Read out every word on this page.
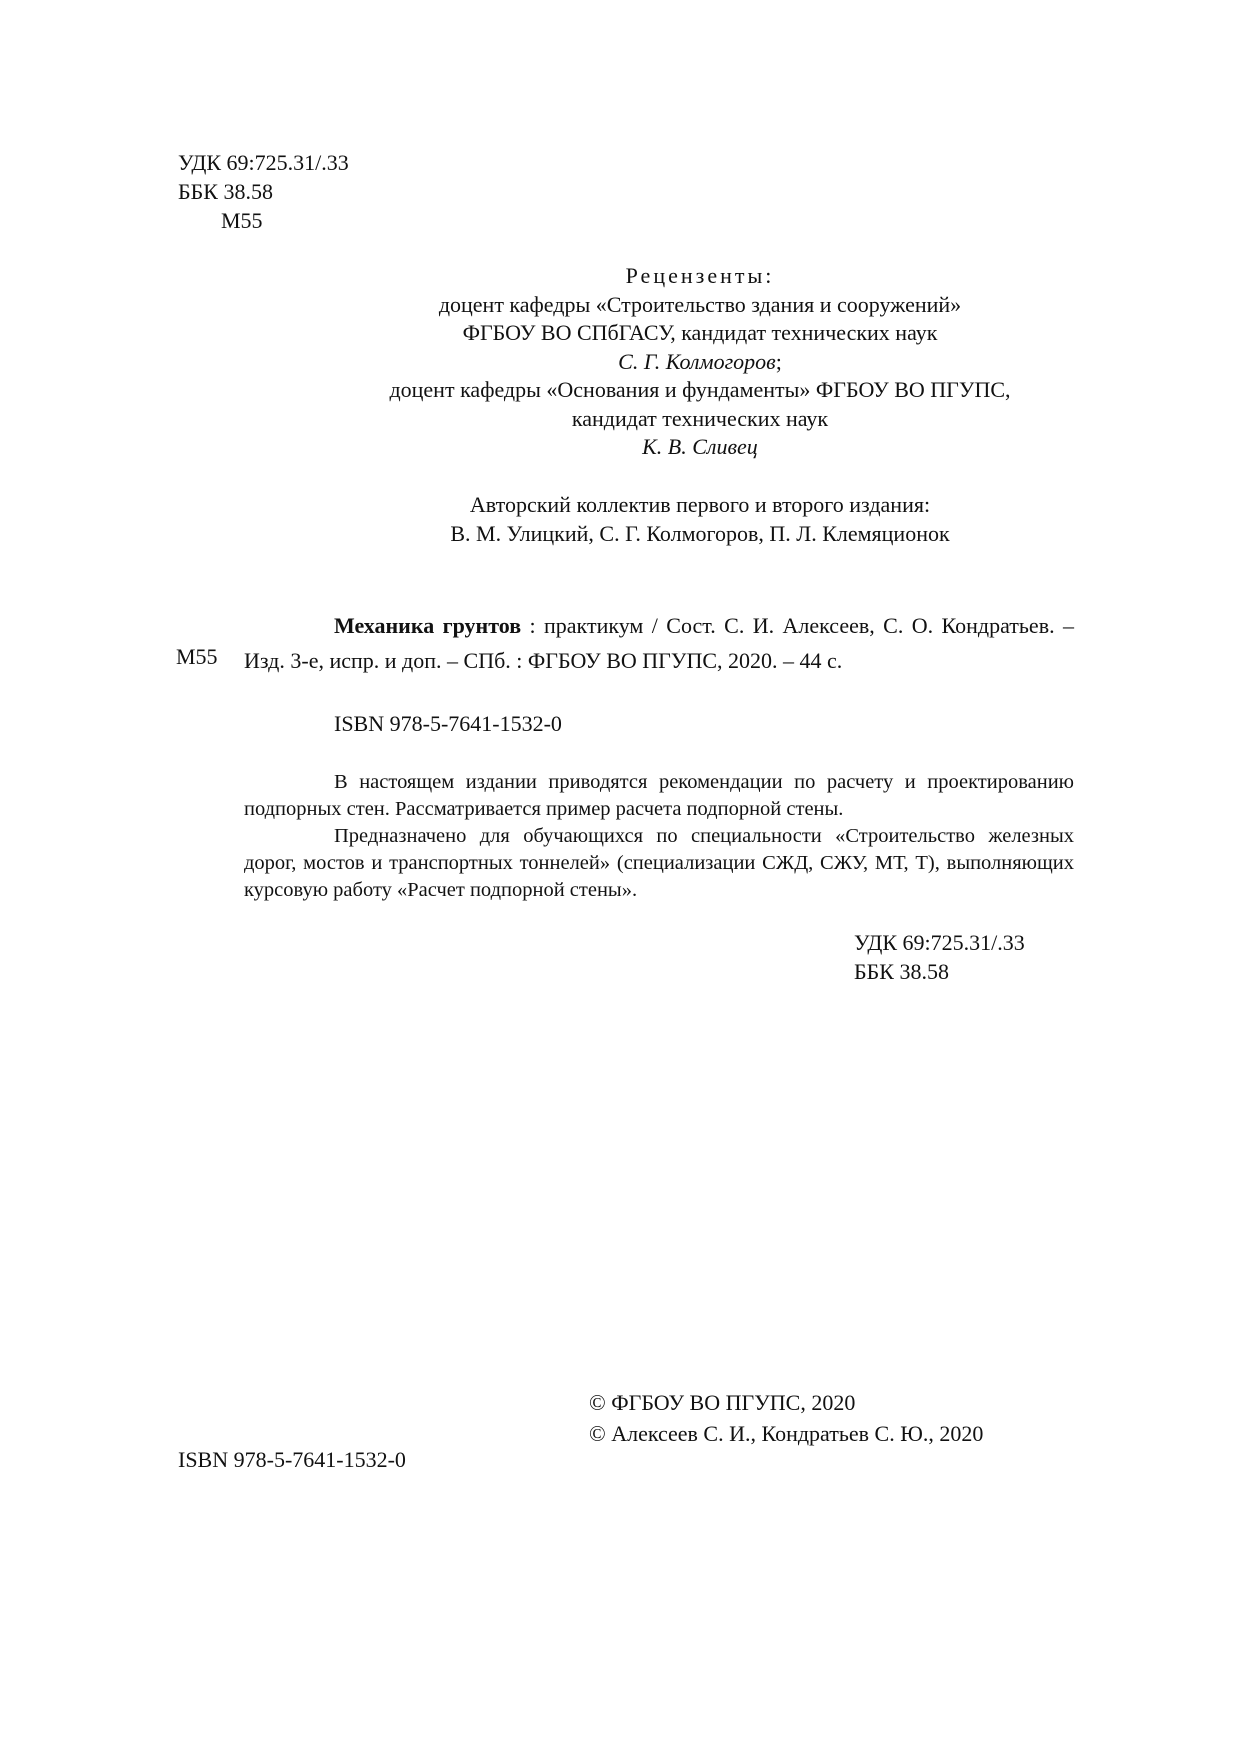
УДК 69:725.31/.33
ББК 38.58
М55
Рецензенты:
доцент кафедры «Строительство здания и сооружений»
ФГБОУ ВО СПбГАСУ, кандидат технических наук
С. Г. Колмогоров;
доцент кафедры «Основания и фундаменты» ФГБОУ ВО ПГУПС,
кандидат технических наук
К. В. Сливец
Авторский коллектив первого и второго издания:
В. М. Улицкий, С. Г. Колмогоров, П. Л. Клемяционок
М55
Механика грунтов : практикум / Сост. С. И. Алексеев, С. О. Кондратьев. – Изд. 3-е, испр. и доп. – СПб. : ФГБОУ ВО ПГУПС, 2020. – 44 с.
ISBN 978-5-7641-1532-0

В настоящем издании приводятся рекомендации по расчету и проектированию подпорных стен. Рассматривается пример расчета подпорной стены.

Предназначено для обучающихся по специальности «Строительство железных дорог, мостов и транспортных тоннелей» (специализации СЖД, СЖУ, МТ, Т), выполняющих курсовую работу «Расчет подпорной стены».

УДК 69:725.31/.33
ББК 38.58
© ФГБОУ ВО ПГУПС, 2020
© Алексеев С. И., Кондратьев С. Ю., 2020
ISBN 978-5-7641-1532-0
